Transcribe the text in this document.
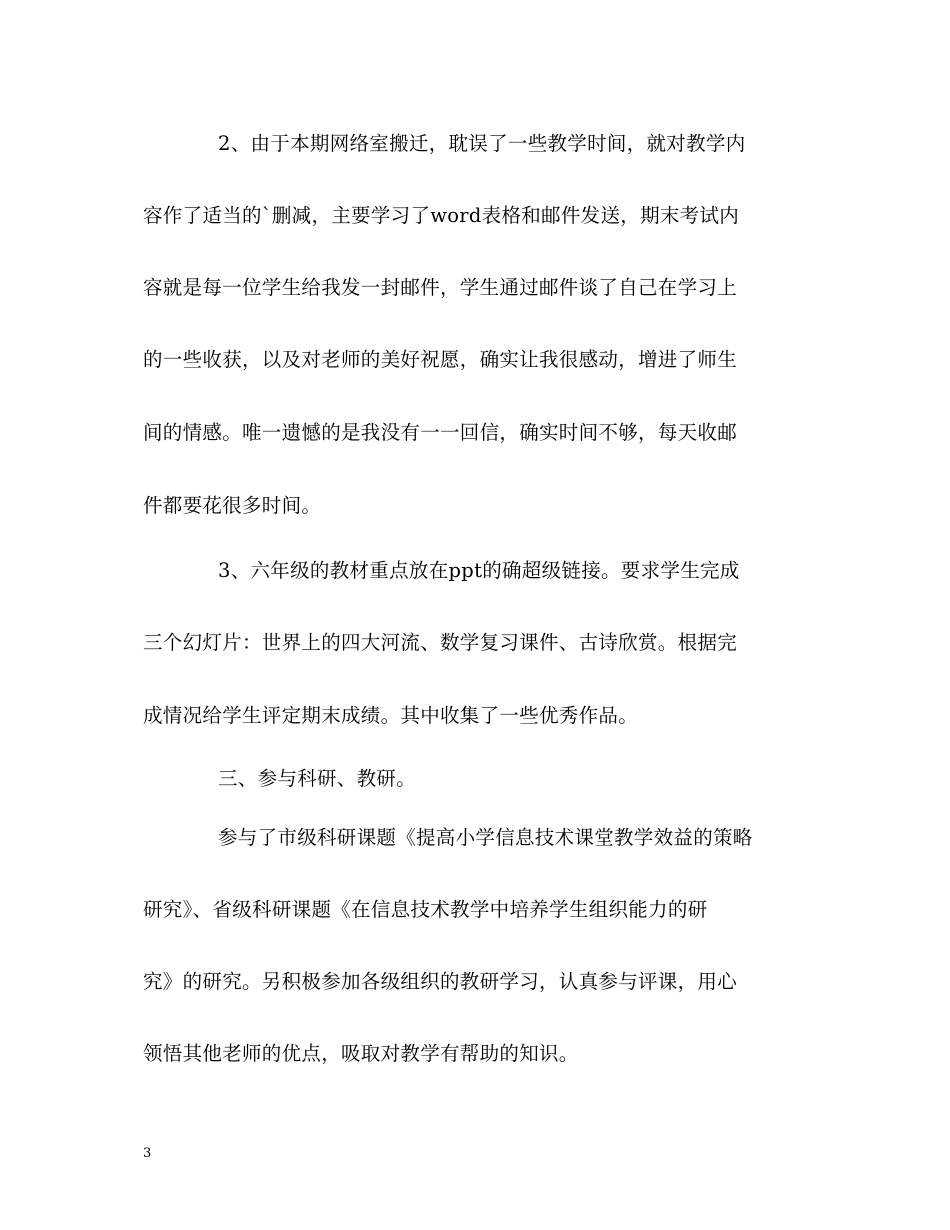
2、由于本期网络室搬迁，耽误了一些教学时间，就对教学内
容作了适当的`删减，主要学习了word表格和邮件发送，期末考试内
容就是每一位学生给我发一封邮件，学生通过邮件谈了自己在学习上
的一些收获，以及对老师的美好祝愿，确实让我很感动，增进了师生
间的情感。唯一遗憾的是我没有一一回信，确实时间不够，每天收邮
件都要花很多时间。
3、六年级的教材重点放在ppt的确超级链接。要求学生完成
三个幻灯片：世界上的四大河流、数学复习课件、古诗欣赏。根据完
成情况给学生评定期末成绩。其中收集了一些优秀作品。
三、参与科研、教研。
参与了市级科研课题《提高小学信息技术课堂教学效益的策略
研究》、省级科研课题《在信息技术教学中培养学生组织能力的研
究》的研究。另积极参加各级组织的教研学习，认真参与评课，用心
领悟其他老师的优点，吸取对教学有帮助的知识。
3
